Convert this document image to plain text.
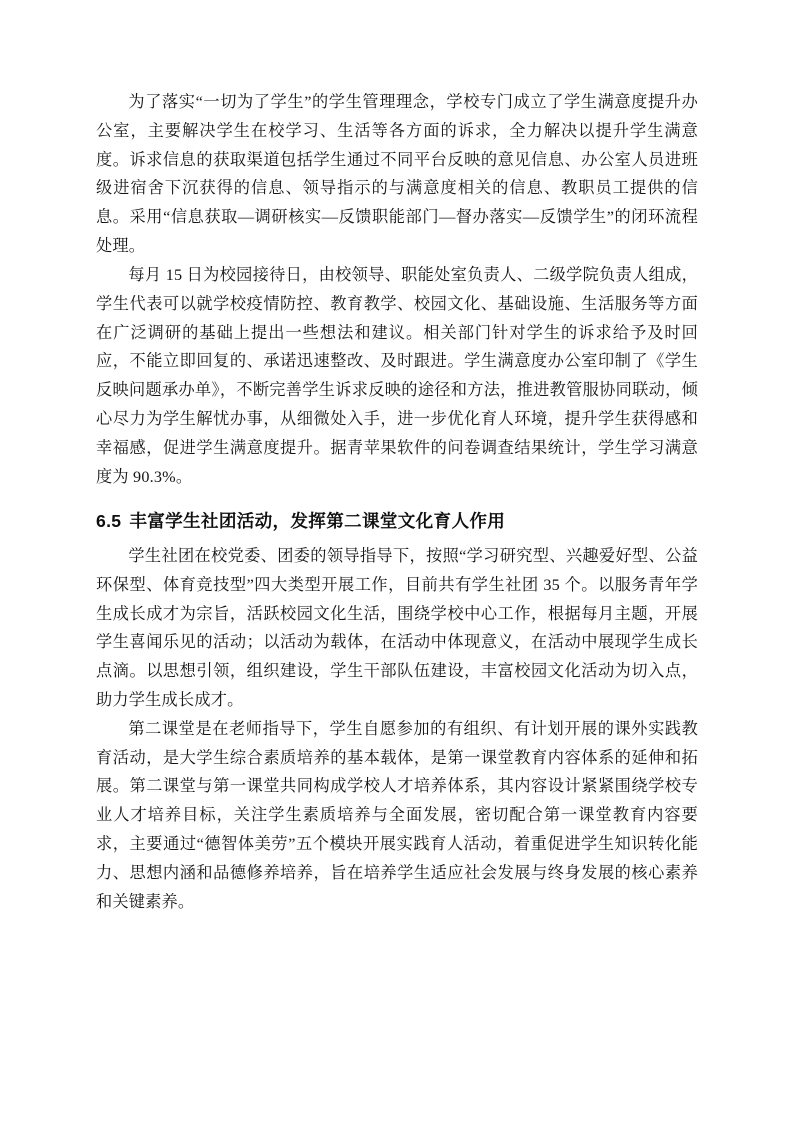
为了落实“一切为了学生”的学生管理理念，学校专门成立了学生满意度提升办公室，主要解决学生在校学习、生活等各方面的诉求，全力解决以提升学生满意度。诉求信息的获取渠道包括学生通过不同平台反映的意见信息、办公室人员进班级进宿舍下沉获得的信息、领导指示的与满意度相关的信息、教职员工提供的信息。采用“信息获取—调研核实—反馈职能部门—督办落实—反馈学生”的闭环流程处理。

每月 15 日为校园接待日，由校领导、职能处室负责人、二级学院负责人组成，学生代表可以就学校疫情防控、教育教学、校园文化、基础设施、生活服务等方面在广泛调研的基础上提出一些想法和建议。相关部门针对学生的诉求给予及时回应，不能立即回复的、承诺迅速整改、及时跟进。学生满意度办公室印制了《学生反映问题承办单》，不断完善学生诉求反映的途径和方法，推进教管服协同联动，倾心尽力为学生解忧办事，从细微处入手，进一步优化育人环境，提升学生获得感和幸福感，促进学生满意度提升。据青苹果软件的问卷调查结果统计，学生学习满意度为 90.3%。

6.5 丰富学生社团活动，发挥第二课堂文化育人作用

学生社团在校党委、团委的领导指导下，按照“学习研究型、兴趣爱好型、公益环保型、体育竞技型”四大类型开展工作，目前共有学生社团 35 个。以服务青年学生成长成才为宗旨，活跃校园文化生活，围绕学校中心工作，根据每月主题，开展学生喜闻乐见的活动；以活动为载体，在活动中体现意义，在活动中展现学生成长点滴。以思想引领，组织建设，学生干部队伍建设，丰富校园文化活动为切入点，助力学生成长成才。

第二课堂是在老师指导下，学生自愿参加的有组织、有计划开展的课外实践教育活动，是大学生综合素质培养的基本载体，是第一课堂教育内容体系的延伸和拓展。第二课堂与第一课堂共同构成学校人才培养体系，其内容设计紧紧围绕学校专业人才培养目标，关注学生素质培养与全面发展，密切配合第一课堂教育内容要求，主要通过“德智体美劳”五个模块开展实践育人活动，着重促进学生知识转化能力、思想内涵和品德修养培养，旨在培养学生适应社会发展与终身发展的核心素养和关键素养。
